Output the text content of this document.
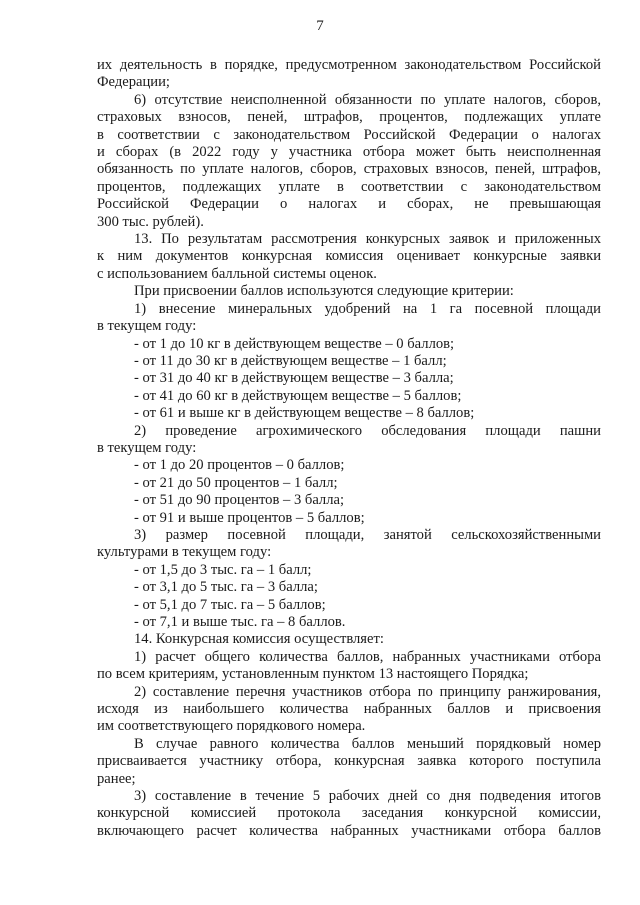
7
их деятельность в порядке, предусмотренном законодательством Российской
Федерации;
6) отсутствие неисполненной обязанности по уплате налогов, сборов,
страховых взносов, пеней, штрафов, процентов, подлежащих уплате
в соответствии с законодательством Российской Федерации о налогах
и сборах (в 2022 году у участника отбора может быть неисполненная
обязанность по уплате налогов, сборов, страховых взносов, пеней, штрафов,
процентов, подлежащих уплате в соответствии с законодательством
Российской Федерации о налогах и сборах, не превышающая
300 тыс. рублей).
13. По результатам рассмотрения конкурсных заявок и приложенных
к ним документов конкурсная комиссия оценивает конкурсные заявки
с использованием балльной системы оценок.
При присвоении баллов используются следующие критерии:
1) внесение минеральных удобрений на 1 га посевной площади
в текущем году:
- от 1 до 10 кг в действующем веществе – 0 баллов;
- от 11 до 30 кг в действующем веществе – 1 балл;
- от 31 до 40 кг в действующем веществе – 3 балла;
- от 41 до 60 кг в действующем веществе – 5 баллов;
- от 61 и выше кг в действующем веществе – 8 баллов;
2) проведение агрохимического обследования площади пашни
в текущем году:
- от 1 до 20 процентов – 0 баллов;
- от 21 до 50 процентов – 1 балл;
- от 51 до 90 процентов – 3 балла;
- от 91 и выше процентов – 5 баллов;
3) размер посевной площади, занятой сельскохозяйственными
культурами в текущем году:
- от 1,5 до 3 тыс. га – 1 балл;
- от 3,1 до 5 тыс. га – 3 балла;
- от 5,1 до 7 тыс. га – 5 баллов;
- от 7,1 и выше тыс. га – 8 баллов.
14. Конкурсная комиссия осуществляет:
1) расчет общего количества баллов, набранных участниками отбора
по всем критериям, установленным пунктом 13 настоящего Порядка;
2) составление перечня участников отбора по принципу ранжирования,
исходя из наибольшего количества набранных баллов и присвоения
им соответствующего порядкового номера.
В случае равного количества баллов меньший порядковый номер
присваивается участнику отбора, конкурсная заявка которого поступила
ранее;
3) составление в течение 5 рабочих дней со дня подведения итогов
конкурсной комиссией протокола заседания конкурсной комиссии,
включающего расчет количества набранных участниками отбора баллов
